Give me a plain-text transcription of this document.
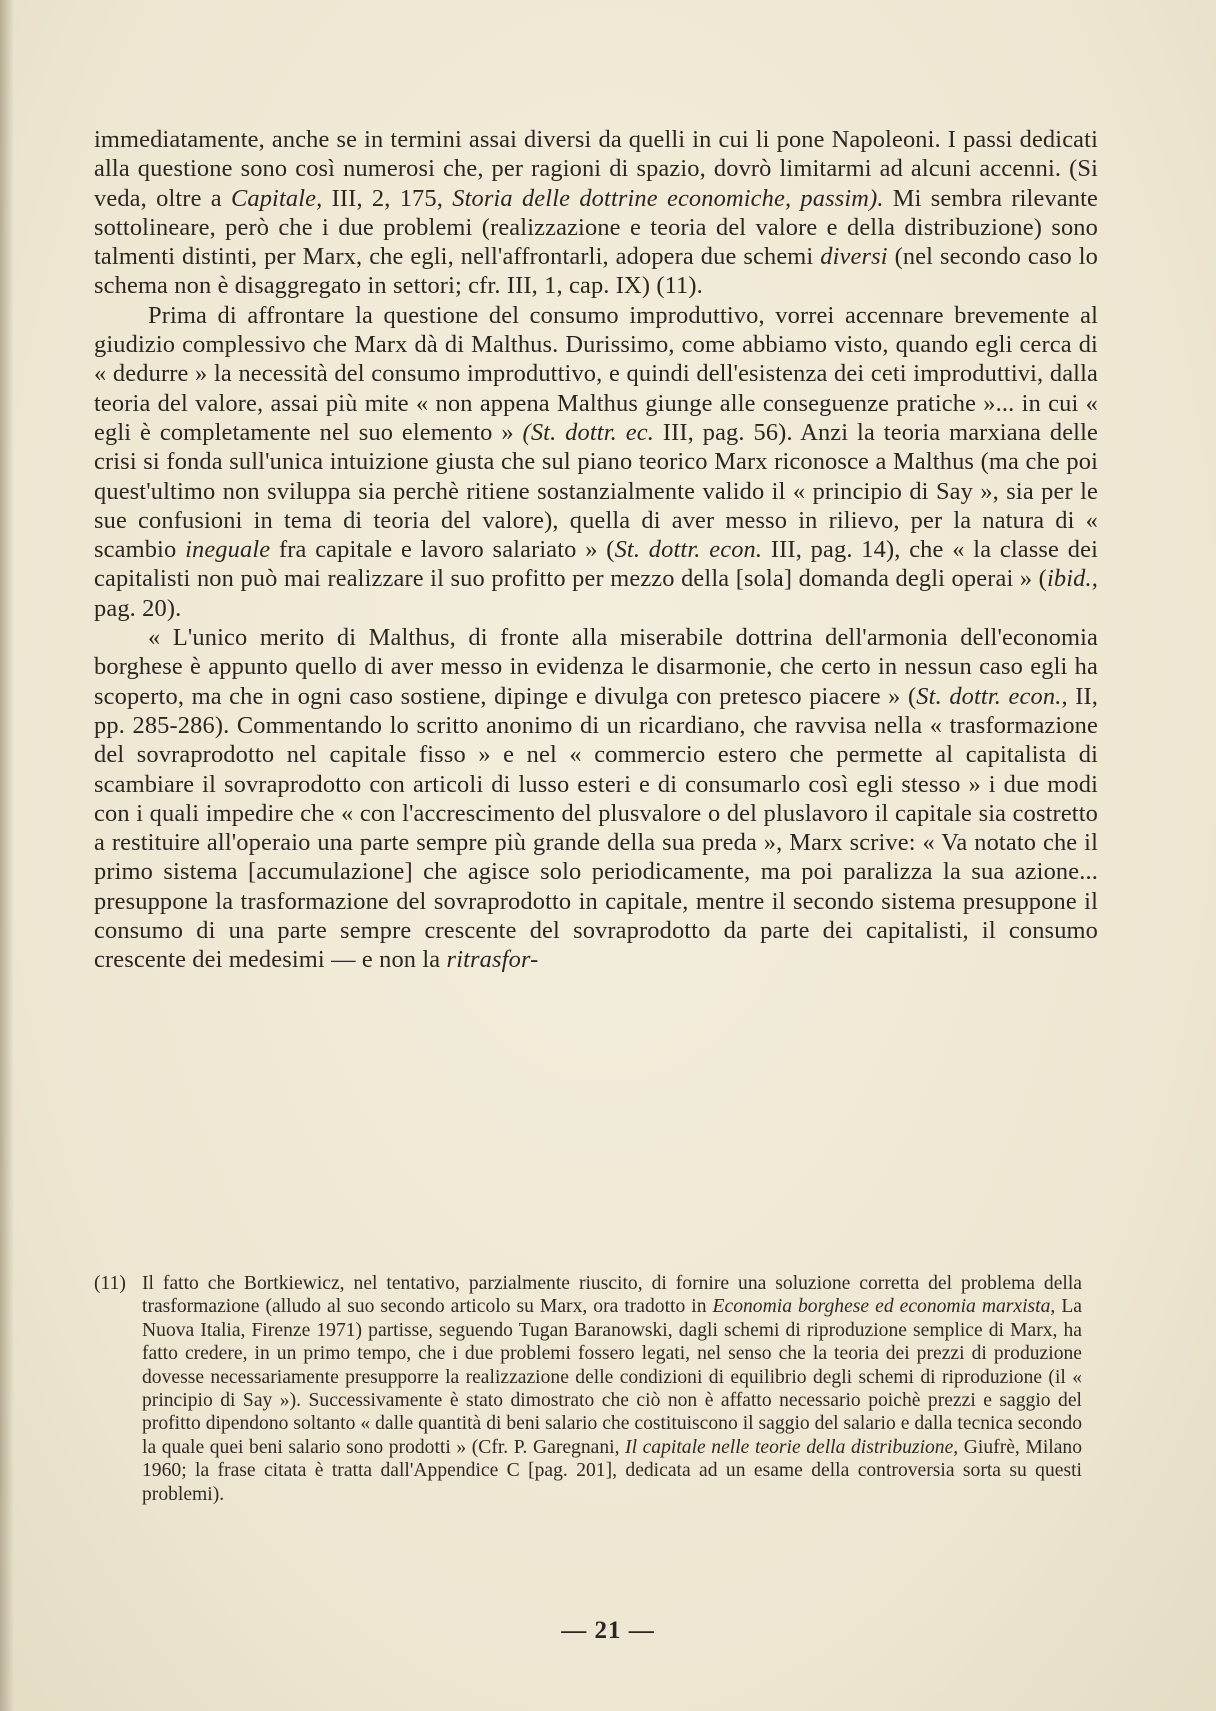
immediatamente, anche se in termini assai diversi da quelli in cui li pone Napoleoni. I passi dedicati alla questione sono così numerosi che, per ragioni di spazio, dovrò limitarmi ad alcuni accenni. (Si veda, oltre a Capitale, III, 2, 175, Storia delle dottrine economiche, passim). Mi sembra rilevante sottolineare, però che i due problemi (realizzazione e teoria del valore e della distribuzione) sono talmenti distinti, per Marx, che egli, nell'affrontarli, adopera due schemi diversi (nel secondo caso lo schema non è disaggregato in settori; cfr. III, 1, cap. IX) (11).

Prima di affrontare la questione del consumo improduttivo, vorrei accennare brevemente al giudizio complessivo che Marx dà di Malthus. Durissimo, come abbiamo visto, quando egli cerca di « dedurre » la necessità del consumo improduttivo, e quindi dell'esistenza dei ceti improduttivi, dalla teoria del valore, assai più mite « non appena Malthus giunge alle conseguenze pratiche »... in cui « egli è completamente nel suo elemento » (St. dottr. ec. III, pag. 56). Anzi la teoria marxiana delle crisi si fonda sull'unica intuizione giusta che sul piano teorico Marx riconosce a Malthus (ma che poi quest'ultimo non sviluppa sia perchè ritiene sostanzialmente valido il « principio di Say », sia per le sue confusioni in tema di teoria del valore), quella di aver messo in rilievo, per la natura di « scambio ineguale fra capitale e lavoro salariato » (St. dottr. econ. III, pag. 14), che « la classe dei capitalisti non può mai realizzare il suo profitto per mezzo della [sola] domanda degli operai » (ibid., pag. 20).

« L'unico merito di Malthus, di fronte alla miserabile dottrina dell'armonia dell'economia borghese è appunto quello di aver messo in evidenza le disarmonie, che certo in nessun caso egli ha scoperto, ma che in ogni caso sostiene, dipinge e divulga con pretesco piacere » (St. dottr. econ., II, pp. 285-286). Commentando lo scritto anonimo di un ricardiano, che ravvisa nella « trasformazione del sovraprodotto nel capitale fisso » e nel « commercio estero che permette al capitalista di scambiare il sovraprodotto con articoli di lusso esteri e di consumarlo così egli stesso » i due modi con i quali impedire che « con l'accrescimento del plusvalore o del pluslavoro il capitale sia costretto a restituire all'operaio una parte sempre più grande della sua preda », Marx scrive: « Va notato che il primo sistema [accumulazione] che agisce solo periodicamente, ma poi paralizza la sua azione... presuppone la trasformazione del sovraprodotto in capitale, mentre il secondo sistema presuppone il consumo di una parte sempre crescente del sovraprodotto da parte dei capitalisti, il consumo crescente dei medesimi — e non la ritrasfor-

(11) Il fatto che Bortkiewicz, nel tentativo, parzialmente riuscito, di fornire una soluzione corretta del problema della trasformazione (alludo al suo secondo articolo su Marx, ora tradotto in Economia borghese ed economia marxista, La Nuova Italia, Firenze 1971) partisse, seguendo Tugan Baranowski, dagli schemi di riproduzione semplice di Marx, ha fatto credere, in un primo tempo, che i due problemi fossero legati, nel senso che la teoria dei prezzi di produzione dovesse necessariamente presupporre la realizzazione delle condizioni di equilibrio degli schemi di riproduzione (il « principio di Say »). Successivamente è stato dimostrato che ciò non è affatto necessario poichè prezzi e saggio del profitto dipendono soltanto « dalle quantità di beni salario che costituiscono il saggio del salario e dalla tecnica secondo la quale quei beni salario sono prodotti » (Cfr. P. Garegnani, Il capitale nelle teorie della distribuzione, Giufrè, Milano 1960; la frase citata è tratta dall'Appendice C [pag. 201], dedicata ad un esame della controversia sorta su questi problemi).
— 21 —
